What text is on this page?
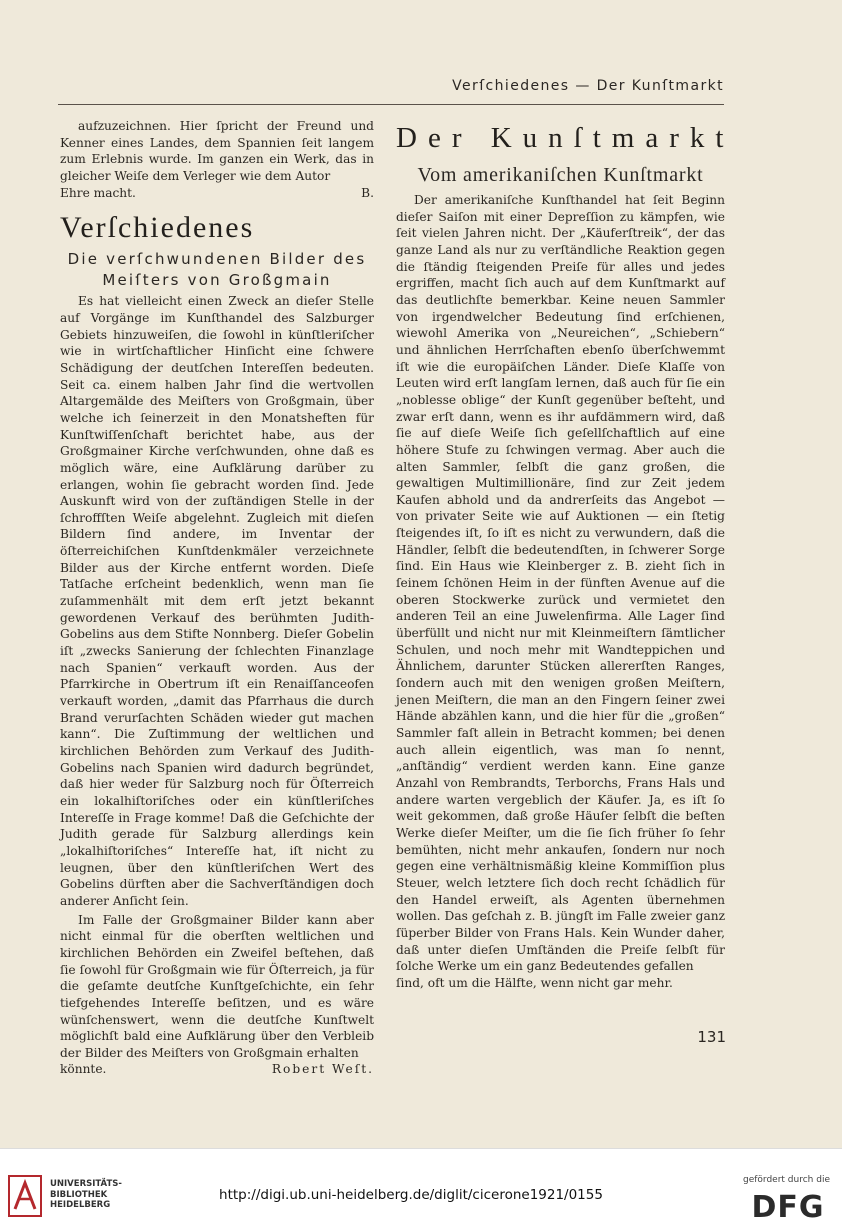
Verſchiedenes — Der Kunſtmarkt

aufzuzeichnen. Hier ſpricht der Freund und Kenner eines Landes, dem Spannien ſeit langem zum Erlebnis wurde. Im ganzen ein Werk, das in gleicher Weiſe dem Verleger wie dem Autor

Ehre macht.	B.

Verſchiedenes
Die verſchwundenen Bilder des Meiſters von Großgmain

Es hat vielleicht einen Zweck an dieſer Stelle auf Vorgänge im Kunſthandel des Salzburger Gebiets hinzuweiſen, die ſowohl in künſtleriſcher wie in wirtſchaftlicher Hinſicht eine ſchwere Schädigung der deutſchen Intereſſen bedeuten. Seit ca. einem halben Jahr ſind die wertvollen Altargemälde des Meiſters von Großgmain, über welche ich ſeinerzeit in den Monatsheften für Kunſtwiſſenſchaft berichtet habe, aus der Großgmainer Kirche verſchwunden, ohne daß es möglich wäre, eine Aufklärung darüber zu erlangen, wohin ſie gebracht worden ſind. Jede Auskunft wird von der zuſtändigen Stelle in der ſchroffſten Weiſe abgelehnt. Zugleich mit dieſen Bildern ſind andere, im Inventar der öſterreichiſchen Kunſtdenkmäler verzeichnete Bilder aus der Kirche entfernt worden. Dieſe Tatſache erſcheint bedenklich, wenn man ſie zuſammenhält mit dem erſt jetzt bekannt gewordenen Verkauf des berühmten Judith-Gobelins aus dem Stifte Nonnberg. Dieſer Gobelin iſt „zwecks Sanierung der ſchlechten Finanzlage nach Spanien“ verkauft worden. Aus der Pfarrkirche in Obertrum iſt ein Renaiſſanceofen verkauft worden, „damit das Pfarrhaus die durch Brand verurſachten Schäden wieder gut machen kann“. Die Zuſtimmung der weltlichen und kirchlichen Behörden zum Verkauf des Judith-Gobelins nach Spanien wird dadurch begründet, daß hier weder für Salzburg noch für Öſterreich ein lokalhiſtoriſches oder ein künſtleriſches Intereſſe in Frage komme! Daß die Geſchichte der Judith gerade für Salzburg allerdings kein „lokalhiſtoriſches“ Intereſſe hat, iſt nicht zu leugnen, über den künſtleriſchen Wert des Gobelins dürften aber die Sachverſtändigen doch anderer Anſicht ſein.

Im Falle der Großgmainer Bilder kann aber nicht einmal für die oberſten weltlichen und kirchlichen Behörden ein Zweifel beſtehen, daß ſie ſowohl für Großgmain wie für Öſterreich, ja für die geſamte deutſche Kunſtgeſchichte, ein ſehr tiefgehendes Intereſſe beſitzen, und es wäre wünſchenswert, wenn die deutſche Kunſtwelt möglichſt bald eine Aufklärung über den Verbleib der Bilder des Meiſters von Großgmain erhalten

könnte.	Robert Weſt.

Der Kunſtmarkt
Vom amerikaniſchen Kunſtmarkt

Der amerikaniſche Kunſthandel hat ſeit Beginn dieſer Saiſon mit einer Depreſſion zu kämpfen, wie ſeit vielen Jahren nicht. Der „Käuferſtreik“, der das ganze Land als nur zu verſtändliche Reaktion gegen die ſtändig ſteigenden Preiſe für alles und jedes ergriffen, macht ſich auch auf dem Kunſtmarkt auf das deutlichſte bemerkbar. Keine neuen Sammler von irgendwelcher Bedeutung ſind erſchienen, wiewohl Amerika von „Neureichen“, „Schiebern“ und ähnlichen Herrſchaften ebenſo überſchwemmt iſt wie die europäiſchen Länder. Dieſe Klaſſe von Leuten wird erſt langſam lernen, daß auch für ſie ein „noblesse oblige“ der Kunſt gegenüber beſteht, und zwar erſt dann, wenn es ihr aufdämmern wird, daß ſie auf dieſe Weiſe ſich geſellſchaftlich auf eine höhere Stufe zu ſchwingen vermag. Aber auch die alten Sammler, ſelbſt die ganz großen, die gewaltigen Multimillionäre, ſind zur Zeit jedem Kaufen abhold und da andrerſeits das Angebot — von privater Seite wie auf Auktionen — ein ſtetig ſteigendes iſt, ſo iſt es nicht zu verwundern, daß die Händler, ſelbſt die bedeutendſten, in ſchwerer Sorge ſind. Ein Haus wie Kleinberger z. B. zieht ſich in ſeinem ſchönen Heim in der fünften Avenue auf die oberen Stockwerke zurück und vermietet den anderen Teil an eine Juwelenfirma. Alle Lager ſind überfüllt und nicht nur mit Kleinmeiſtern ſämtlicher Schulen, und noch mehr mit Wandteppichen und Ähnlichem, darunter Stücken allererſten Ranges, ſondern auch mit den wenigen großen Meiſtern, jenen Meiſtern, die man an den Fingern ſeiner zwei Hände abzählen kann, und die hier für die „großen“ Sammler faſt allein in Betracht kommen; bei denen auch allein eigentlich, was man ſo nennt, „anſtändig“ verdient werden kann. Eine ganze Anzahl von Rembrandts, Terborchs, Frans Hals und andere warten vergeblich der Käufer. Ja, es iſt ſo weit gekommen, daß große Häuſer ſelbſt die beſten Werke dieſer Meiſter, um die ſie ſich früher ſo ſehr bemühten, nicht mehr ankaufen, ſondern nur noch gegen eine verhältnismäßig kleine Kommiſſion plus Steuer, welch letztere ſich doch recht ſchädlich für den Handel erweiſt, als Agenten übernehmen wollen. Das geſchah z. B. jüngſt im Falle zweier ganz ſüperber Bilder von Frans Hals. Kein Wunder daher, daß unter dieſen Umſtänden die Preiſe ſelbſt für ſolche Werke um ein ganz Bedeutendes gefallen

ſind, oft um die Hälfte, wenn nicht gar mehr.

131
UNIVERSITÄTS-
BIBLIOTHEK
HEIDELBERG
http://digi.ub.uni-heidelberg.de/diglit/cicerone1921/0155
gefördert durch die
DFG
